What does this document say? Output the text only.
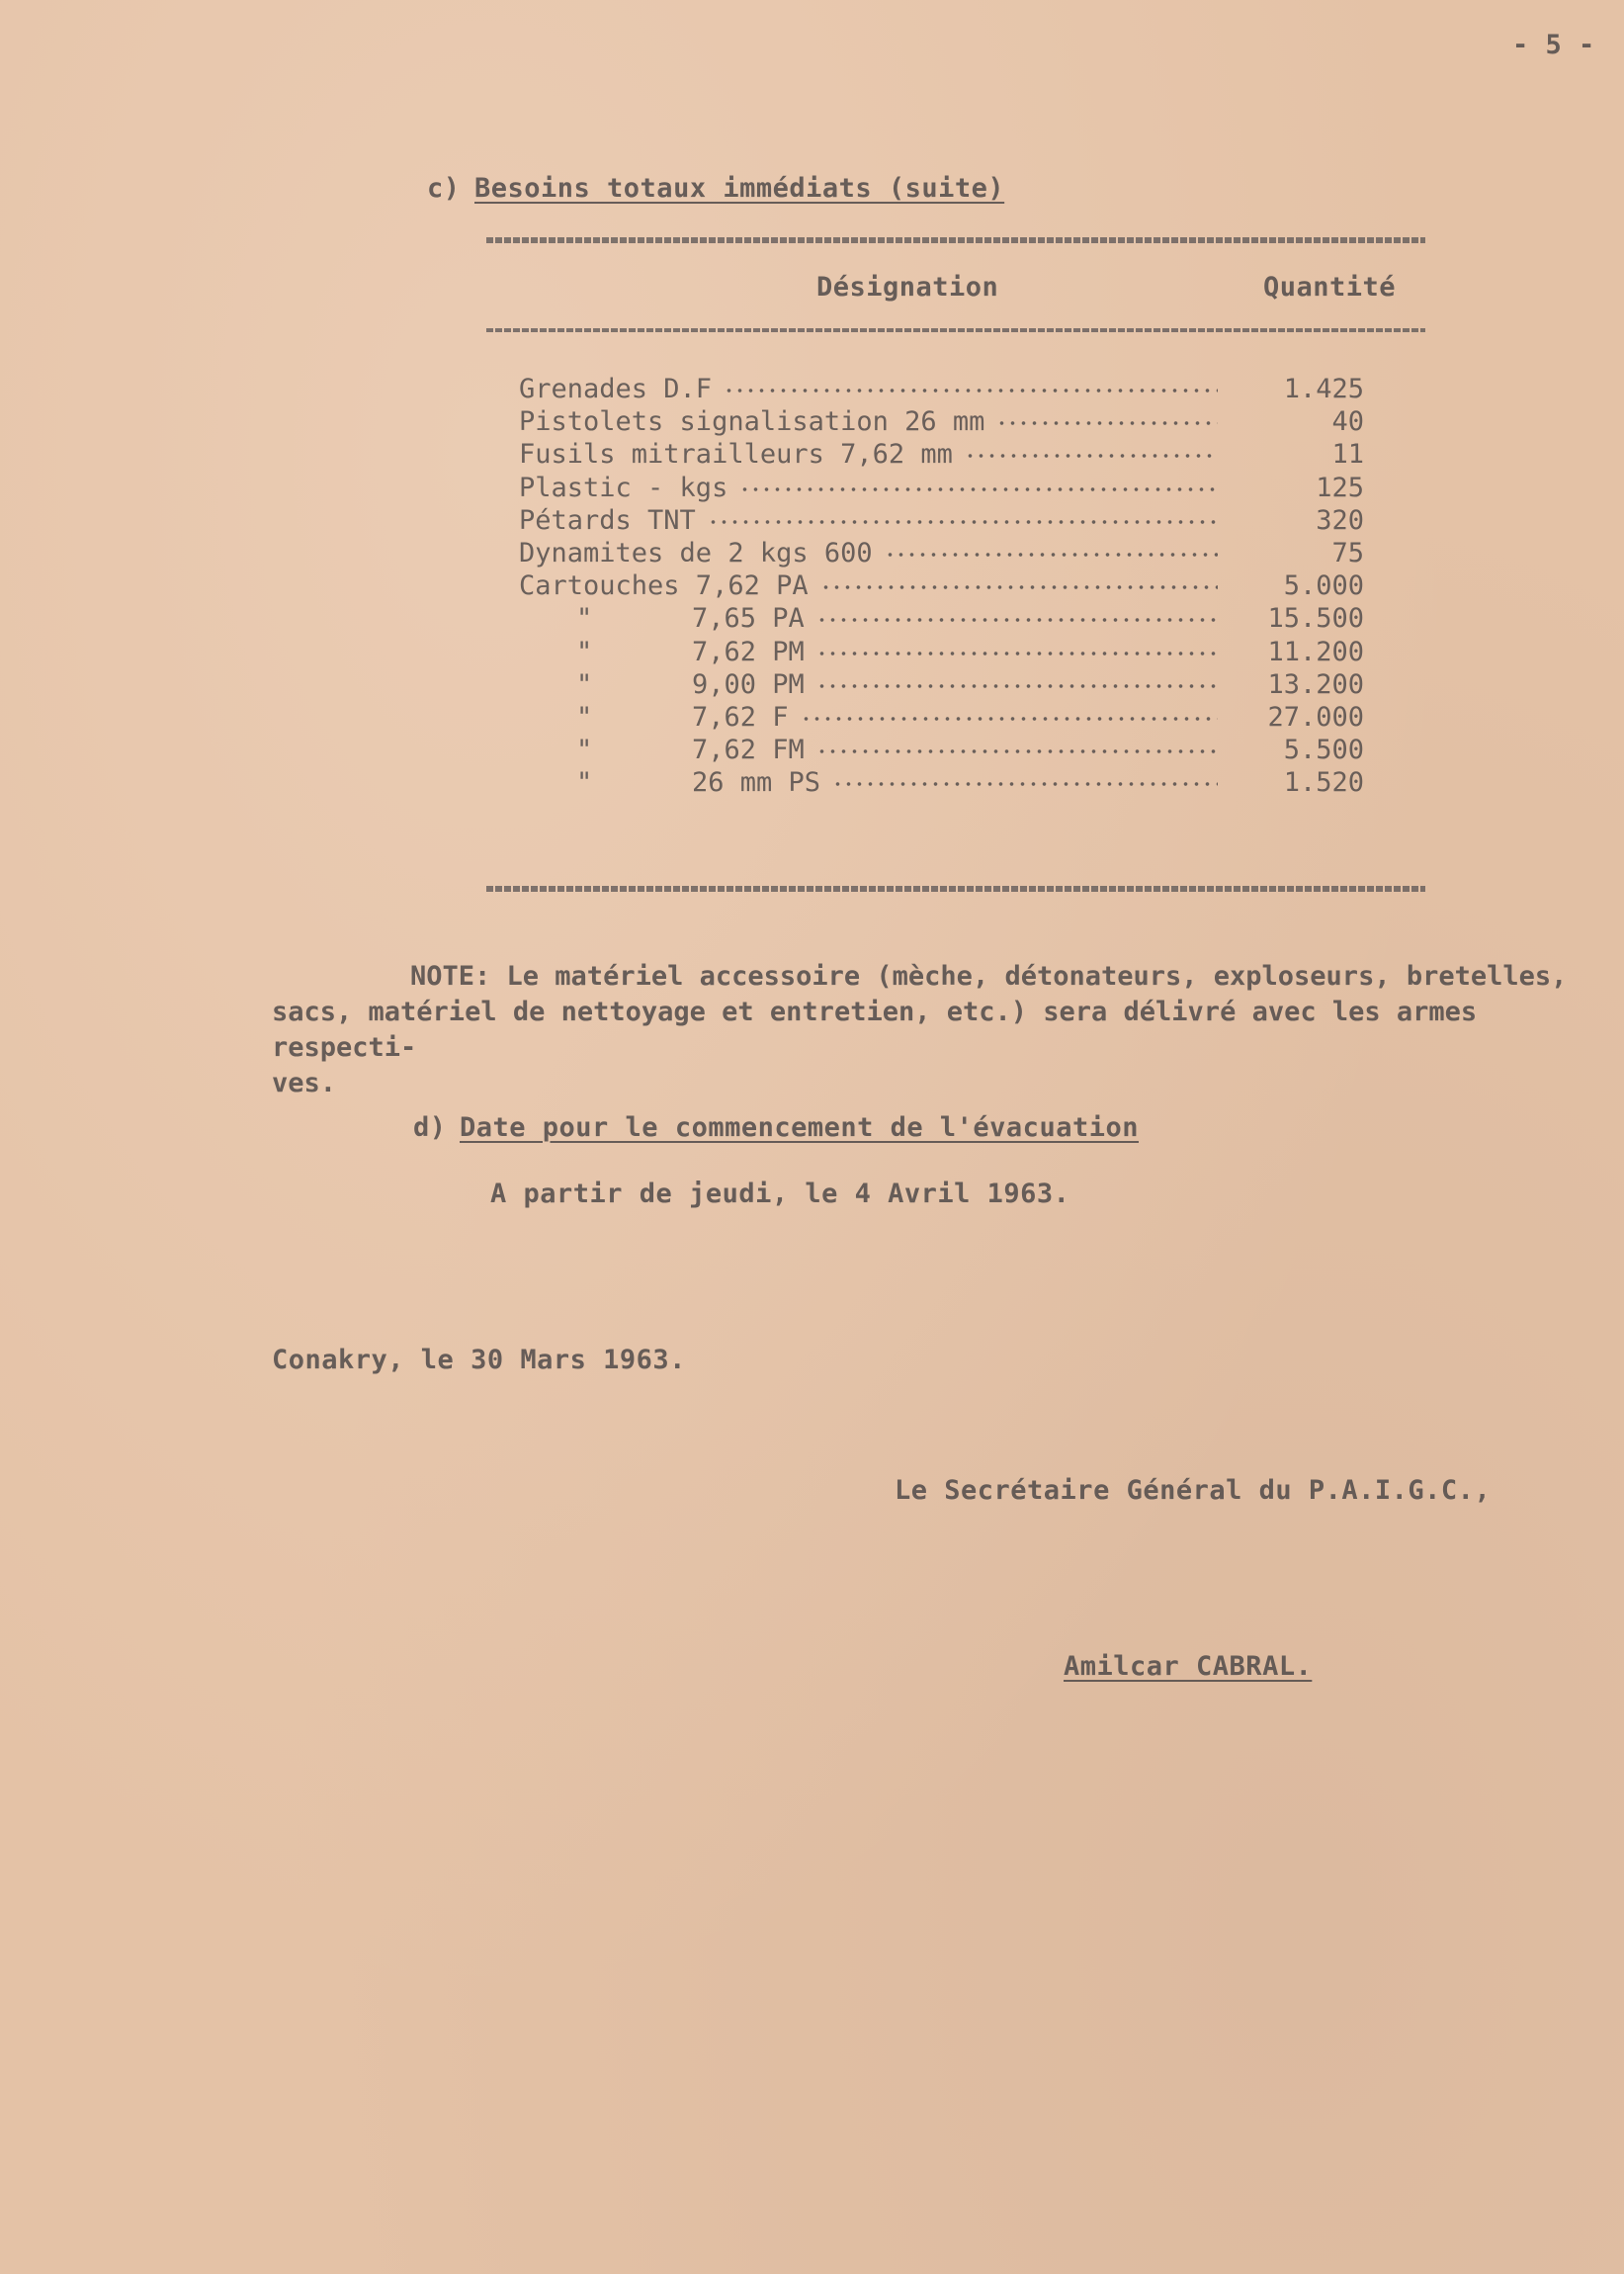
- 5 -
c) Besoins totaux immédiats (suite)
Désignation	Quantité
Grenades D.F	1.425
Pistolets signalisation 26 mm	40
Fusils mitrailleurs 7,62 mm	11
Plastic - kgs	125
Pétards TNT	320
Dynamites de 2 kgs 600	75
Cartouches 7,62 PA	5.000
"	7,65 PA	15.500
"	7,62 PM	11.200
"	9,00 PM	13.200
"	7,62 F	27.000
"	7,62 FM	5.500
"	26 mm PS	1.520
NOTE: Le matériel accessoire (mèche, détonateurs, exploseurs, bretelles,
sacs, matériel de nettoyage et entretien, etc.) sera délivré avec les armes respecti-
ves.
d) Date pour le commencement de l'évacuation
A partir de jeudi, le 4 Avril 1963.
Conakry, le 30 Mars 1963.
Le Secrétaire Général du P.A.I.G.C.,
Amilcar CABRAL.
